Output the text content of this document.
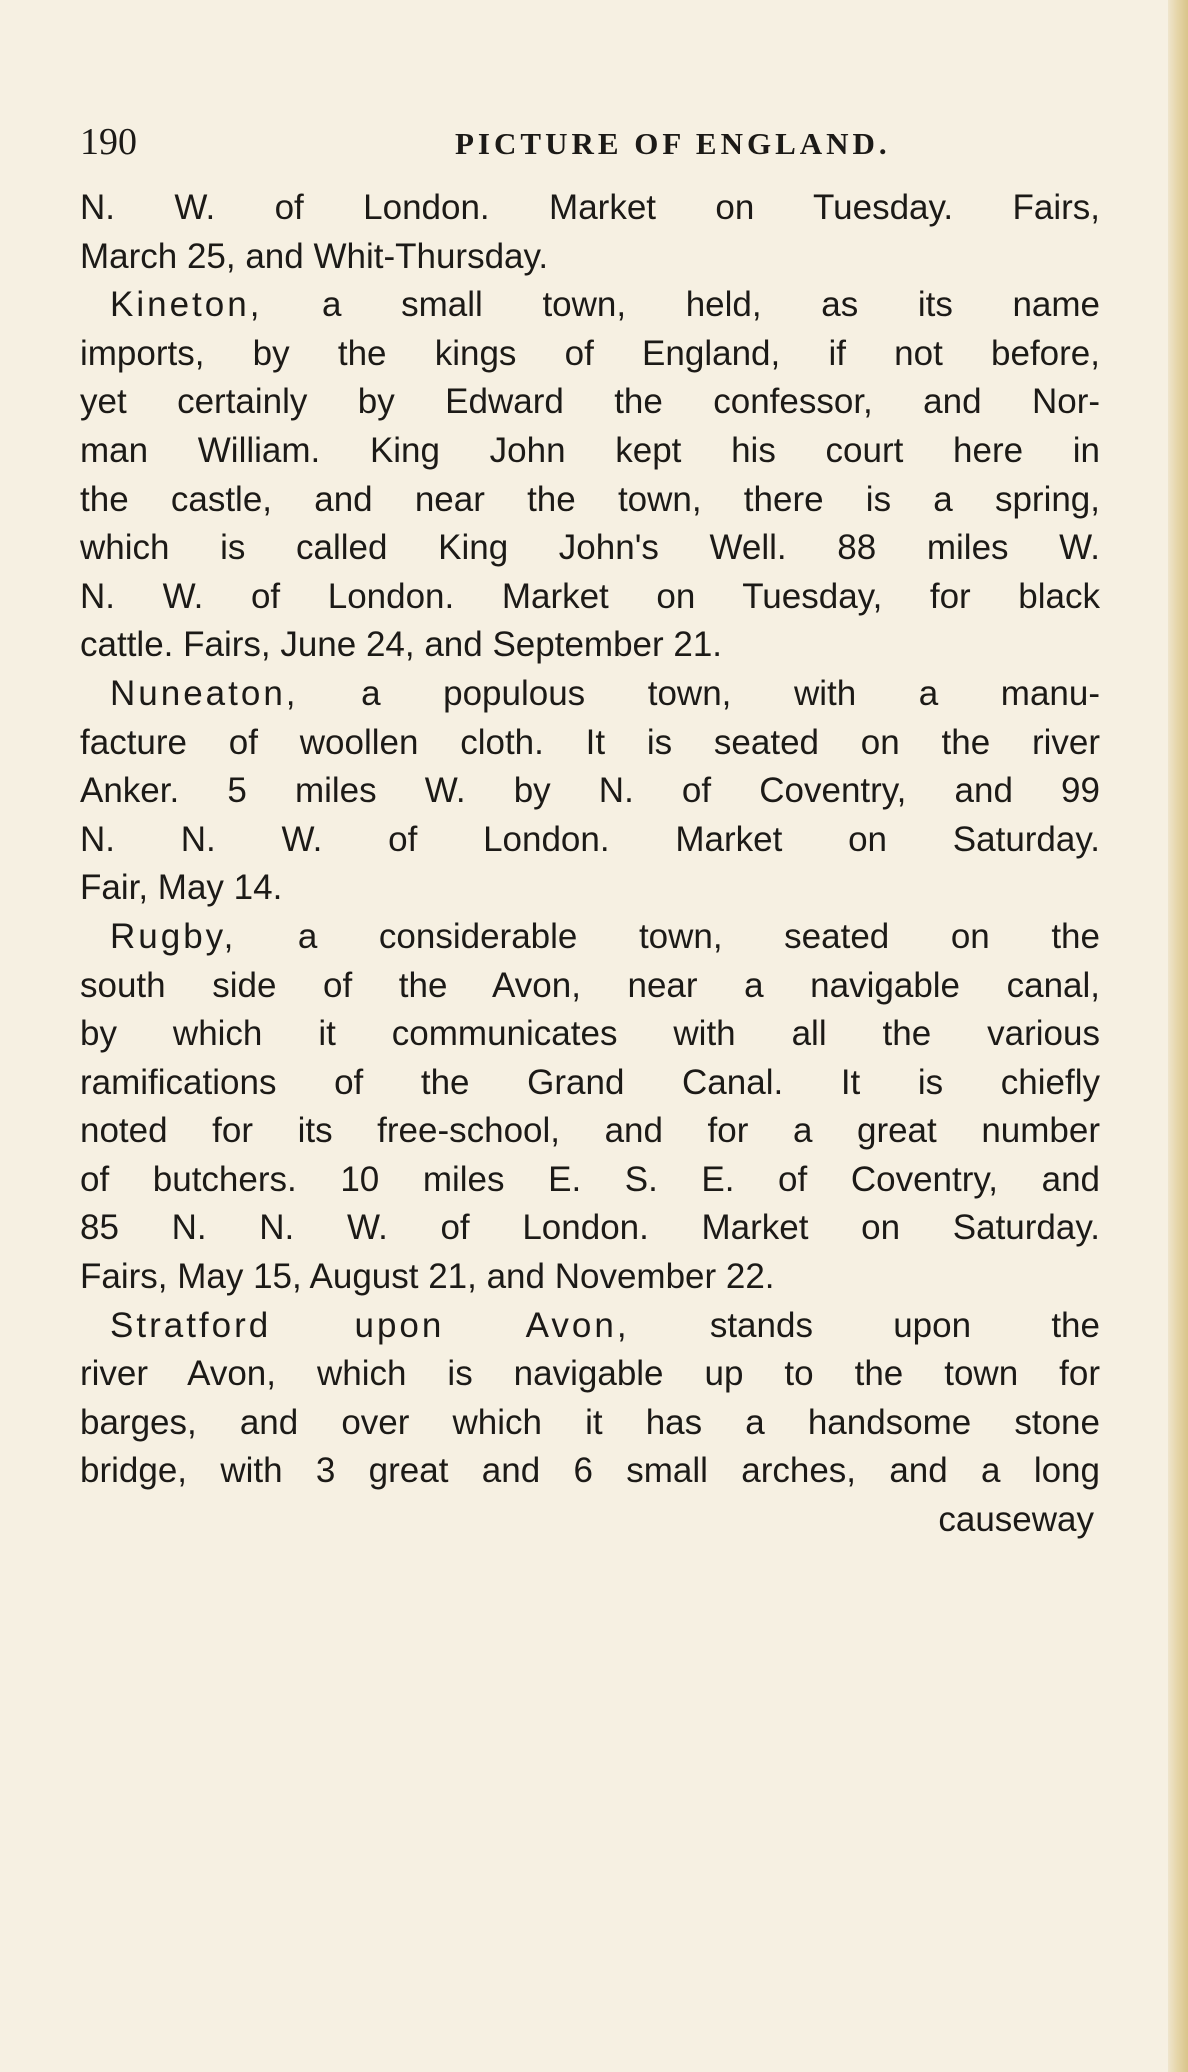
190	PICTURE OF ENGLAND.
N. W. of London. Market on Tuesday. Fairs,
March 25, and Whit-Thursday.
Kineton, a small town, held, as its name
imports, by the kings of England, if not before,
yet certainly by Edward the confessor, and Nor-
man William. King John kept his court here in
the castle, and near the town, there is a spring,
which is called King John's Well. 88 miles W.
N. W. of London. Market on Tuesday, for black
cattle. Fairs, June 24, and September 21.
Nuneaton, a populous town, with a manu-
facture of woollen cloth. It is seated on the river
Anker. 5 miles W. by N. of Coventry, and 99
N. N. W. of London. Market on Saturday.
Fair, May 14.
Rugby, a considerable town, seated on the
south side of the Avon, near a navigable canal,
by which it communicates with all the various
ramifications of the Grand Canal. It is chiefly
noted for its free-school, and for a great number
of butchers. 10 miles E. S. E. of Coventry, and
85 N. N. W. of London. Market on Saturday.
Fairs, May 15, August 21, and November 22.
Stratford upon Avon, stands upon the
river Avon, which is navigable up to the town for
barges, and over which it has a handsome stone
bridge, with 3 great and 6 small arches, and a long
causeway
